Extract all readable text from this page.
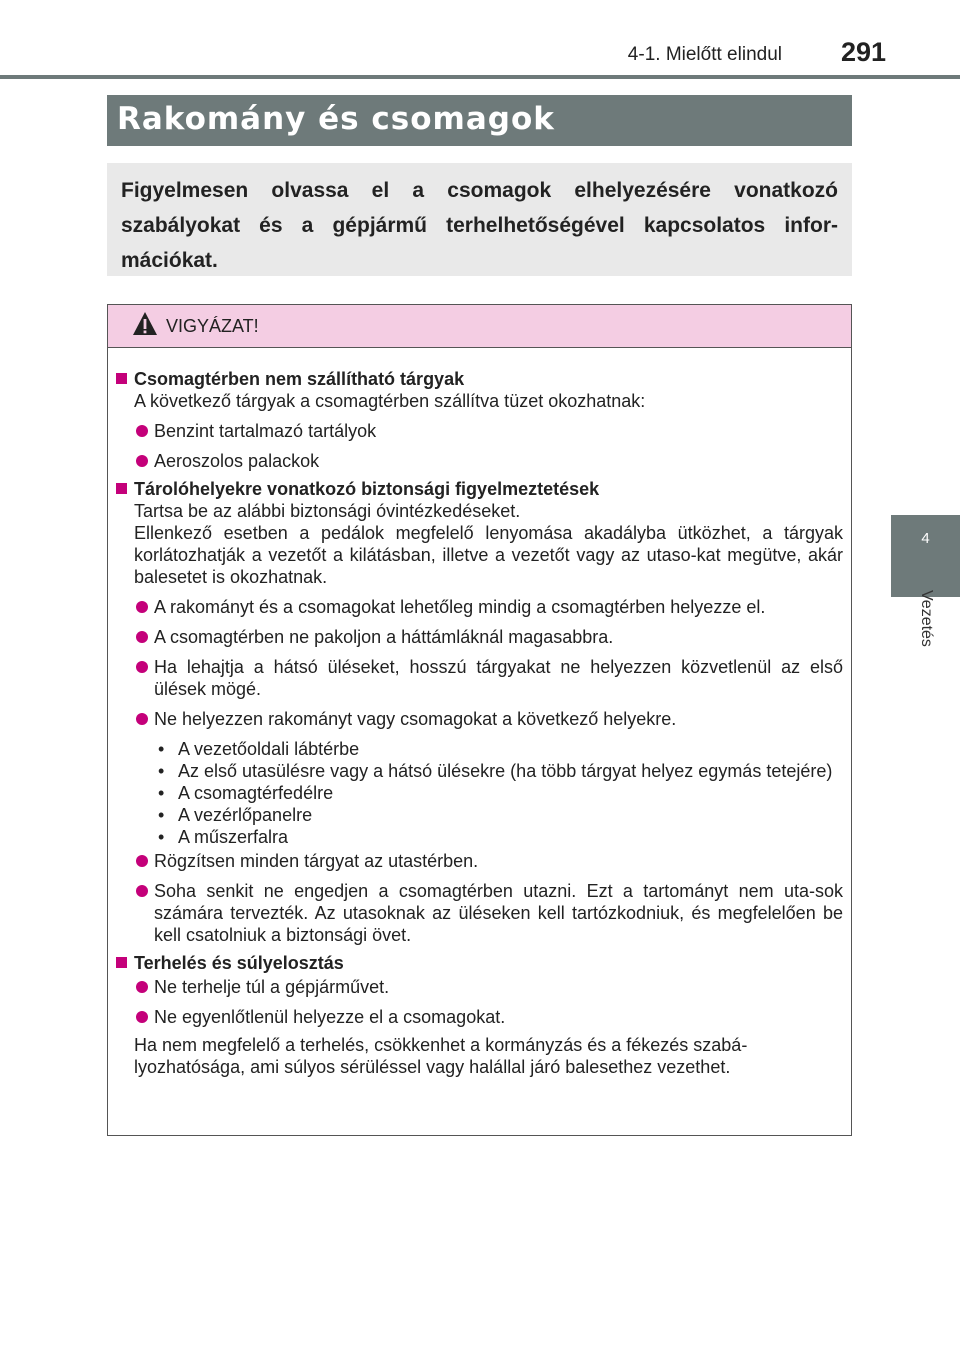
4-1. Mielőtt elindul 291
4
Vezetés
Rakomány és csomagok
Figyelmesen olvassa el a csomagok elhelyezésére vonatkozó szabályokat és a gépjármű terhelhetőségével kapcsolatos infor-mációkat.
VIGYÁZAT!
Csomagtérben nem szállítható tárgyak
A következő tárgyak a csomagtérben szállítva tüzet okozhatnak:
Benzint tartalmazó tartályok
Aeroszolos palackok
Tárolóhelyekre vonatkozó biztonsági figyelmeztetések
Tartsa be az alábbi biztonsági óvintézkedéseket.
Ellenkező esetben a pedálok megfelelő lenyomása akadályba ütközhet, a tárgyak korlátozhatják a vezetőt a kilátásban, illetve a vezetőt vagy az utaso-kat megütve, akár balesetet is okozhatnak.
A rakományt és a csomagokat lehetőleg mindig a csomagtérben helyezze el.
A csomagtérben ne pakoljon a háttámláknál magasabbra.
Ha lehajtja a hátsó üléseket, hosszú tárgyakat ne helyezzen közvetlenül az első ülések mögé.
Ne helyezzen rakományt vagy csomagokat a következő helyekre.
• A vezetőoldali lábtérbe
• Az első utasülésre vagy a hátsó ülésekre (ha több tárgyat helyez egymás tetejére)
• A csomagtérfedélre
• A vezérlőpanelre
• A műszerfalra
Rögzítsen minden tárgyat az utastérben.
Soha senkit ne engedjen a csomagtérben utazni. Ezt a tartományt nem uta-sok számára tervezték. Az utasoknak az üléseken kell tartózkodniuk, és megfelelően be kell csatolniuk a biztonsági övet.
Terhelés és súlyelosztás
Ne terhelje túl a gépjárművet.
Ne egyenlőtlenül helyezze el a csomagokat.
Ha nem megfelelő a terhelés, csökkenhet a kormányzás és a fékezés szabá-lyozhatósága, ami súlyos sérüléssel vagy halállal járó balesethez vezethet.
